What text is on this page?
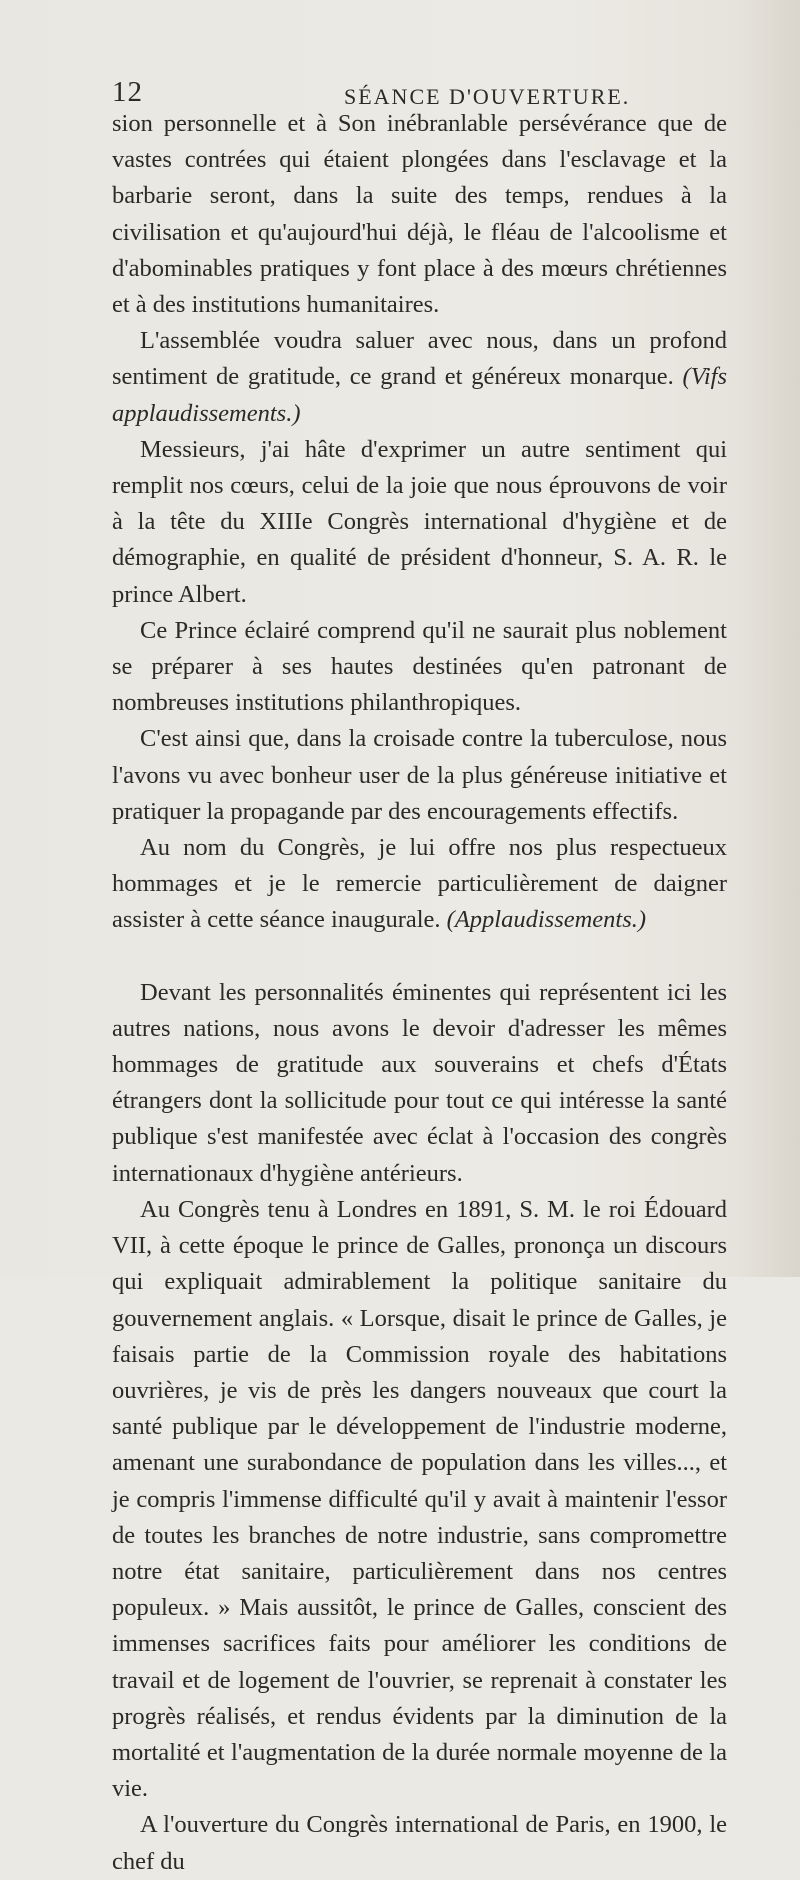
12	SÉANCE D'OUVERTURE.

sion personnelle et à Son inébranlable persévérance que de vastes contrées qui étaient plongées dans l'esclavage et la barbarie seront, dans la suite des temps, rendues à la civilisation et qu'aujourd'hui déjà, le fléau de l'alcoolisme et d'abominables pratiques y font place à des mœurs chrétiennes et à des institutions humanitaires.

L'assemblée voudra saluer avec nous, dans un profond sentiment de gratitude, ce grand et généreux monarque. (Vifs applaudissements.)

Messieurs, j'ai hâte d'exprimer un autre sentiment qui remplit nos cœurs, celui de la joie que nous éprouvons de voir à la tête du XIIIe Congrès international d'hygiène et de démographie, en qualité de président d'honneur, S. A. R. le prince Albert.

Ce Prince éclairé comprend qu'il ne saurait plus noblement se préparer à ses hautes destinées qu'en patronant de nombreuses institutions philanthropiques.

C'est ainsi que, dans la croisade contre la tuberculose, nous l'avons vu avec bonheur user de la plus généreuse initiative et pratiquer la propagande par des encouragements effectifs.

Au nom du Congrès, je lui offre nos plus respectueux hommages et je le remercie particulièrement de daigner assister à cette séance inaugurale. (Applaudissements.)

Devant les personnalités éminentes qui représentent ici les autres nations, nous avons le devoir d'adresser les mêmes hommages de gratitude aux souverains et chefs d'États étrangers dont la sollicitude pour tout ce qui intéresse la santé publique s'est manifestée avec éclat à l'occasion des congrès internationaux d'hygiène antérieurs.

Au Congrès tenu à Londres en 1891, S. M. le roi Édouard VII, à cette époque le prince de Galles, prononça un discours qui expliquait admirablement la politique sanitaire du gouvernement anglais. « Lorsque, disait le prince de Galles, je faisais partie de la Commission royale des habitations ouvrières, je vis de près les dangers nouveaux que court la santé publique par le développement de l'industrie moderne, amenant une surabondance de population dans les villes..., et je compris l'immense difficulté qu'il y avait à maintenir l'essor de toutes les branches de notre industrie, sans compromettre notre état sanitaire, particulièrement dans nos centres populeux. » Mais aussitôt, le prince de Galles, conscient des immenses sacrifices faits pour améliorer les conditions de travail et de logement de l'ouvrier, se reprenait à constater les progrès réalisés, et rendus évidents par la diminution de la mortalité et l'augmentation de la durée normale moyenne de la vie.

A l'ouverture du Congrès international de Paris, en 1900, le chef du
